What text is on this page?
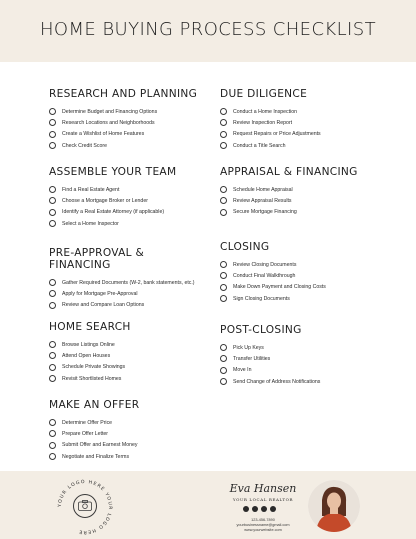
HOME BUYING PROCESS CHECKLIST
RESEARCH AND PLANNING
Determine Budget and Financing Options
Research Locations and Neighborhoods
Create a Wishlist of Home Features
Check Credit Score
ASSEMBLE YOUR TEAM
Find a Real Estate Agent
Choose a Mortgage Broker or Lender
Identify a Real Estate Attorney (if applicable)
Select a Home Inspector
PRE-APPROVAL &
FINANCING
Gather Required Documents (W-2, bank statements, etc.)
Apply for Mortgage Pre-Approval
Review and Compare Loan Options
HOME SEARCH
Browse Listings Online
Attend Open Houses
Schedule Private Showings
Revisit Shortlisted Homes
MAKE AN OFFER
Determine Offer Price
Prepare Offer Letter
Submit Offer and Earnest Money
Negotiate and Finalize Terms
DUE DILIGENCE
Conduct a Home Inspection
Review Inspection Report
Request Repairs or Price Adjustments
Conduct a Title Search
APPRAISAL & FINANCING
Schedule Home Appraisal
Review Appraisal Results
Secure Mortgage Financing
CLOSING
Review Closing Documents
Conduct Final Walkthrough
Make Down Payment and Closing Costs
Sign Closing Documents
POST-CLOSING
Pick Up Keys
Transfer Utilities
Move In
Send Change of Address Notifications
YOUR LOGO HERE YOUR LOGO HERE
Eva Hansen
YOUR LOCAL REALTOR
123-456-7890
yourbusinessname@gmail.com
www.yourwebsite.com
